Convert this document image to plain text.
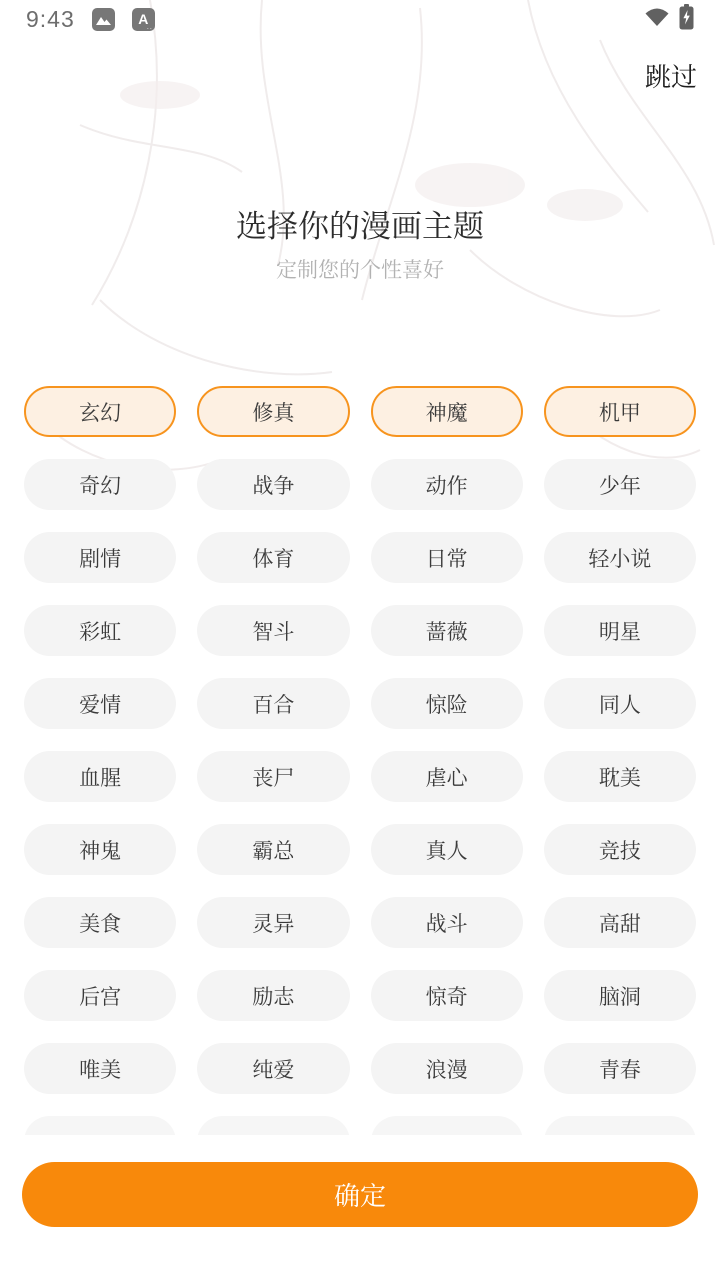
9:43	A
..
跳过
选择你的漫画主题
定制您的个性喜好
玄幻	修真	神魔	机甲
奇幻	战争	动作	少年
剧情	体育	日常	轻小说
彩虹	智斗	蔷薇	明星
爱情	百合	惊险	同人
血腥	丧尸	虐心	耽美
神鬼	霸总	真人	竞技
美食	灵异	战斗	高甜
后宫	励志	惊奇	脑洞
唯美	纯爱	浪漫	青春
确定
